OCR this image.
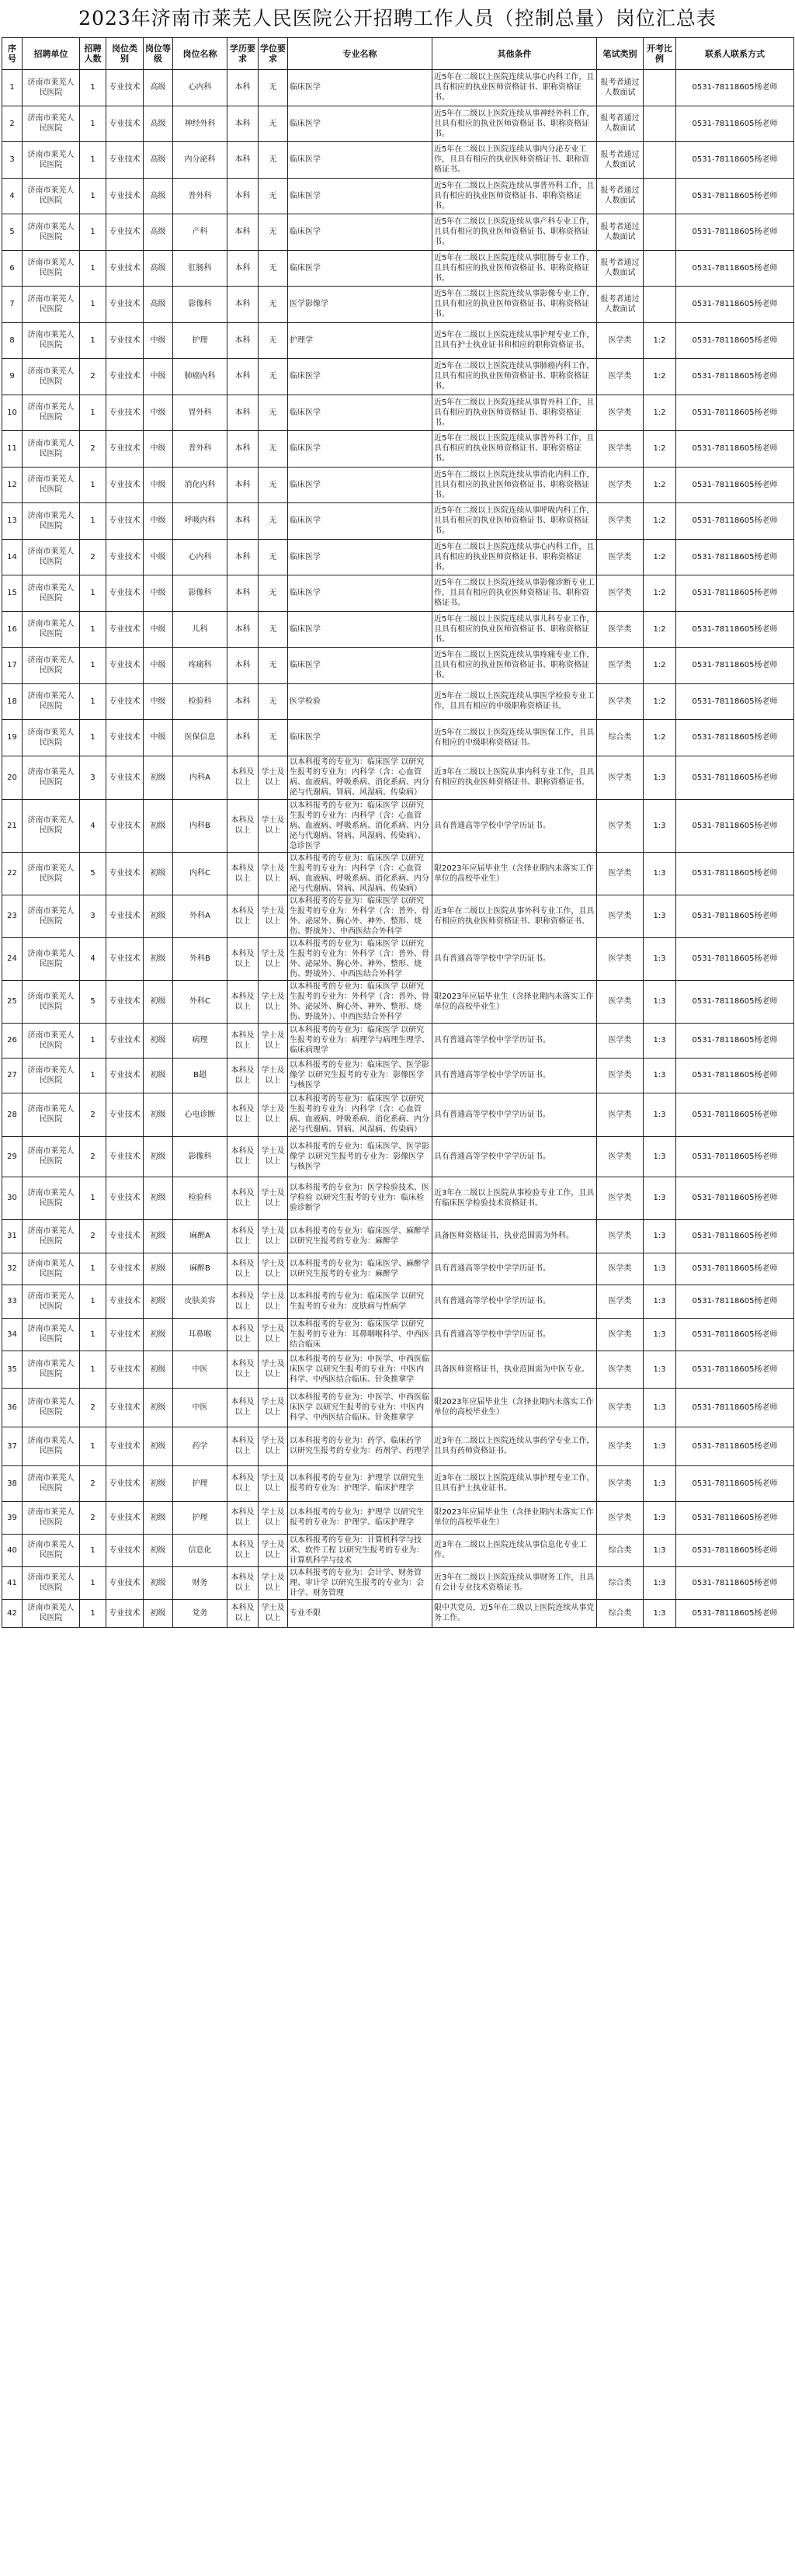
2023年济南市莱芜人民医院公开招聘工作人员（控制总量）岗位汇总表
序号	招聘单位	招聘人数	岗位类别	岗位等级	岗位名称	学历要求	学位要求	专业名称	其他条件	笔试类别	开考比例	联系人联系方式
1	济南市莱芜人民医院	1	专业技术	高级	心内科	本科	无	临床医学	近5年在二级以上医院连续从事心内科工作，且具有相应的执业医师资格证书、职称资格证书。	报考者通过人数面试		0531-78118605杨老师
2	济南市莱芜人民医院	1	专业技术	高级	神经外科	本科	无	临床医学	近5年在二级以上医院连续从事神经外科工作，且具有相应的执业医师资格证书、职称资格证书。	报考者通过人数面试		0531-78118605杨老师
3	济南市莱芜人民医院	1	专业技术	高级	内分泌科	本科	无	临床医学	近5年在二级以上医院连续从事内分泌专业工作，且具有相应的执业医师资格证书、职称资格证书。	报考者通过人数面试		0531-78118605杨老师
4	济南市莱芜人民医院	1	专业技术	高级	普外科	本科	无	临床医学	近5年在二级以上医院连续从事普外科工作，且具有相应的执业医师资格证书、职称资格证书。	报考者通过人数面试		0531-78118605杨老师
5	济南市莱芜人民医院	1	专业技术	高级	产科	本科	无	临床医学	近5年在二级以上医院连续从事产科专业工作，且具有相应的执业医师资格证书、职称资格证书。	报考者通过人数面试		0531-78118605杨老师
6	济南市莱芜人民医院	1	专业技术	高级	肛肠科	本科	无	临床医学	近5年在二级以上医院连续从事肛肠专业工作，且具有相应的执业医师资格证书、职称资格证书。	报考者通过人数面试		0531-78118605杨老师
7	济南市莱芜人民医院	1	专业技术	高级	影像科	本科	无	医学影像学	近5年在二级以上医院连续从事影像专业工作，且具有相应的执业医师资格证书、职称资格证书。	报考者通过人数面试		0531-78118605杨老师
8	济南市莱芜人民医院	1	专业技术	中级	护理	本科	无	护理学	近5年在二级以上医院连续从事护理专业工作，且具有护士执业证书和相应的职称资格证书。	医学类	1:2	0531-78118605杨老师
9	济南市莱芜人民医院	2	专业技术	中级	肺癌内科	本科	无	临床医学	近5年在二级以上医院连续从事肺癌内科工作，且具有相应的执业医师资格证书、职称资格证书。	医学类	1:2	0531-78118605杨老师
10	济南市莱芜人民医院	1	专业技术	中级	胃外科	本科	无	临床医学	近5年在二级以上医院连续从事胃外科工作，且具有相应的执业医师资格证书、职称资格证书。	医学类	1:2	0531-78118605杨老师
11	济南市莱芜人民医院	2	专业技术	中级	普外科	本科	无	临床医学	近5年在二级以上医院连续从事普外科工作，且具有相应的执业医师资格证书、职称资格证书。	医学类	1:2	0531-78118605杨老师
12	济南市莱芜人民医院	1	专业技术	中级	消化内科	本科	无	临床医学	近5年在二级以上医院连续从事消化内科工作，且具有相应的执业医师资格证书、职称资格证书。	医学类	1:2	0531-78118605杨老师
13	济南市莱芜人民医院	1	专业技术	中级	呼吸内科	本科	无	临床医学	近5年在二级以上医院连续从事呼吸内科工作，且具有相应的执业医师资格证书、职称资格证书。	医学类	1:2	0531-78118605杨老师
14	济南市莱芜人民医院	2	专业技术	中级	心内科	本科	无	临床医学	近5年在二级以上医院连续从事心内科工作，且具有相应的执业医师资格证书、职称资格证书。	医学类	1:2	0531-78118605杨老师
15	济南市莱芜人民医院	1	专业技术	中级	影像科	本科	无	临床医学	近5年在二级以上医院连续从事影像诊断专业工作，且具有相应的执业医师资格证书、职称资格证书。	医学类	1:2	0531-78118605杨老师
16	济南市莱芜人民医院	1	专业技术	中级	儿科	本科	无	临床医学	近5年在二级以上医院连续从事儿科专业工作，且具有相应的执业医师资格证书、职称资格证书。	医学类	1:2	0531-78118605杨老师
17	济南市莱芜人民医院	1	专业技术	中级	疼痛科	本科	无	临床医学	近5年在二级以上医院连续从事疼痛专业工作，且具有相应的执业医师资格证书、职称资格证书。	医学类	1:2	0531-78118605杨老师
18	济南市莱芜人民医院	1	专业技术	中级	检验科	本科	无	医学检验	近5年在二级以上医院连续从事医学检验专业工作，且具有相应的中级职称资格证书。	医学类	1:2	0531-78118605杨老师
19	济南市莱芜人民医院	1	专业技术	中级	医保信息	本科	无	临床医学	近5年在二级以上医院连续从事医保工作，且具有相应的中级职称资格证书。	综合类	1:2	0531-78118605杨老师
20	济南市莱芜人民医院	3	专业技术	初级	内科A	本科及以上	学士及以上	以本科报考的专业为：临床医学 以研究生报考的专业为：内科学（含：心血管病、血液病、呼吸系病、消化系病、内分泌与代谢病、肾病、风湿病、传染病）	近3年在二级以上医院从事内科专业工作，且具有相应的执业医师资格证书、职称资格证书。	医学类	1:3	0531-78118605杨老师
21	济南市莱芜人民医院	4	专业技术	初级	内科B	本科及以上	学士及以上	以本科报考的专业为：临床医学 以研究生报考的专业为：内科学（含：心血管病、血液病、呼吸系病、消化系病、内分泌与代谢病、肾病、风湿病、传染病）、急诊医学	具有普通高等学校中学学历证书。	医学类	1:3	0531-78118605杨老师
22	济南市莱芜人民医院	5	专业技术	初级	内科C	本科及以上	学士及以上	以本科报考的专业为：临床医学 以研究生报考的专业为：内科学（含：心血管病、血液病、呼吸系病、消化系病、内分泌与代谢病、肾病、风湿病、传染病）	限2023年应届毕业生（含择业期内未落实工作单位的高校毕业生）	医学类	1:3	0531-78118605杨老师
23	济南市莱芜人民医院	3	专业技术	初级	外科A	本科及以上	学士及以上	以本科报考的专业为：临床医学 以研究生报考的专业为：外科学（含：普外、骨外、泌尿外、胸心外、神外、整形、烧伤、野战外）、中西医结合外科学	近3年在二级以上医院从事外科专业工作，且具有相应的执业医师资格证书、职称资格证书。	医学类	1:3	0531-78118605杨老师
24	济南市莱芜人民医院	4	专业技术	初级	外科B	本科及以上	学士及以上	以本科报考的专业为：临床医学 以研究生报考的专业为：外科学（含：普外、骨外、泌尿外、胸心外、神外、整形、烧伤、野战外）、中西医结合外科学	具有普通高等学校中学学历证书。	医学类	1:3	0531-78118605杨老师
25	济南市莱芜人民医院	5	专业技术	初级	外科C	本科及以上	学士及以上	以本科报考的专业为：临床医学 以研究生报考的专业为：外科学（含：普外、骨外、泌尿外、胸心外、神外、整形、烧伤、野战外）、中西医结合外科学	限2023年应届毕业生（含择业期内未落实工作单位的高校毕业生）	医学类	1:3	0531-78118605杨老师
26	济南市莱芜人民医院	1	专业技术	初级	病理	本科及以上	学士及以上	以本科报考的专业为：临床医学 以研究生报考的专业为：病理学与病理生理学、临床病理学	具有普通高等学校中学学历证书。	医学类	1:3	0531-78118605杨老师
27	济南市莱芜人民医院	1	专业技术	初级	B超	本科及以上	学士及以上	以本科报考的专业为：临床医学、医学影像学 以研究生报考的专业为：影像医学与核医学	具有普通高等学校中学学历证书。	医学类	1:3	0531-78118605杨老师
28	济南市莱芜人民医院	2	专业技术	初级	心电诊断	本科及以上	学士及以上	以本科报考的专业为：临床医学 以研究生报考的专业为：内科学（含：心血管病、血液病、呼吸系病、消化系病、内分泌与代谢病、肾病、风湿病、传染病）	具有普通高等学校中学学历证书。	医学类	1:3	0531-78118605杨老师
29	济南市莱芜人民医院	2	专业技术	初级	影像科	本科及以上	学士及以上	以本科报考的专业为：临床医学、医学影像学 以研究生报考的专业为：影像医学与核医学	具有普通高等学校中学学历证书。	医学类	1:3	0531-78118605杨老师
30	济南市莱芜人民医院	1	专业技术	初级	检验科	本科及以上	学士及以上	以本科报考的专业为：医学检验技术、医学检验 以研究生报考的专业为：临床检验诊断学	近3年在二级以上医院从事检验专业工作，且具有临床医学检验技术资格证书。	医学类	1:3	0531-78118605杨老师
31	济南市莱芜人民医院	2	专业技术	初级	麻醉A	本科及以上	学士及以上	以本科报考的专业为：临床医学、麻醉学 以研究生报考的专业为：麻醉学	具备医师资格证书，执业范围需为外科。	医学类	1:3	0531-78118605杨老师
32	济南市莱芜人民医院	1	专业技术	初级	麻醉B	本科及以上	学士及以上	以本科报考的专业为：临床医学、麻醉学 以研究生报考的专业为：麻醉学	具有普通高等学校中学学历证书。	医学类	1:3	0531-78118605杨老师
33	济南市莱芜人民医院	1	专业技术	初级	皮肤美容	本科及以上	学士及以上	以本科报考的专业为：临床医学 以研究生报考的专业为：皮肤病与性病学	具有普通高等学校中学学历证书。	医学类	1:3	0531-78118605杨老师
34	济南市莱芜人民医院	1	专业技术	初级	耳鼻喉	本科及以上	学士及以上	以本科报考的专业为：临床医学 以研究生报考的专业为：耳鼻咽喉科学、中西医结合临床	具有普通高等学校中学学历证书。	医学类	1:3	0531-78118605杨老师
35	济南市莱芜人民医院	1	专业技术	初级	中医	本科及以上	学士及以上	以本科报考的专业为：中医学、中西医临床医学 以研究生报考的专业为：中医内科学、中西医结合临床、针灸推拿学	具备医师资格证书，执业范围需为中医专业。	医学类	1:3	0531-78118605杨老师
36	济南市莱芜人民医院	2	专业技术	初级	中医	本科及以上	学士及以上	以本科报考的专业为：中医学、中西医临床医学 以研究生报考的专业为：中医内科学、中西医结合临床、针灸推拿学	限2023年应届毕业生（含择业期内未落实工作单位的高校毕业生）	医学类	1:3	0531-78118605杨老师
37	济南市莱芜人民医院	1	专业技术	初级	药学	本科及以上	学士及以上	以本科报考的专业为：药学、临床药学 以研究生报考的专业为：药剂学、药理学	近3年在二级以上医院连续从事药学专业工作，且具有药师资格证书。	医学类	1:3	0531-78118605杨老师
38	济南市莱芜人民医院	2	专业技术	初级	护理	本科及以上	学士及以上	以本科报考的专业为：护理学 以研究生报考的专业为：护理学、临床护理学	近3年在二级以上医院连续从事护理专业工作，且具有护士执业证书。	医学类	1:3	0531-78118605杨老师
39	济南市莱芜人民医院	2	专业技术	初级	护理	本科及以上	学士及以上	以本科报考的专业为：护理学 以研究生报考的专业为：护理学、临床护理学	限2023年应届毕业生（含择业期内未落实工作单位的高校毕业生）	医学类	1:3	0531-78118605杨老师
40	济南市莱芜人民医院	1	专业技术	初级	信息化	本科及以上	学士及以上	以本科报考的专业为：计算机科学与技术、软件工程 以研究生报考的专业为：计算机科学与技术	近3年在二级以上医院连续从事信息化专业工作。	综合类	1:3	0531-78118605杨老师
41	济南市莱芜人民医院	1	专业技术	初级	财务	本科及以上	学士及以上	以本科报考的专业为：会计学、财务管理、审计学 以研究生报考的专业为：会计学、财务管理	近3年在二级以上医院连续从事财务工作，且具有会计专业技术资格证书。	综合类	1:3	0531-78118605杨老师
42	济南市莱芜人民医院	1	专业技术	初级	党务	本科及以上	学士及以上	专业不限	限中共党员，近5年在二级以上医院连续从事党务工作。	综合类	1:3	0531-78118605杨老师
